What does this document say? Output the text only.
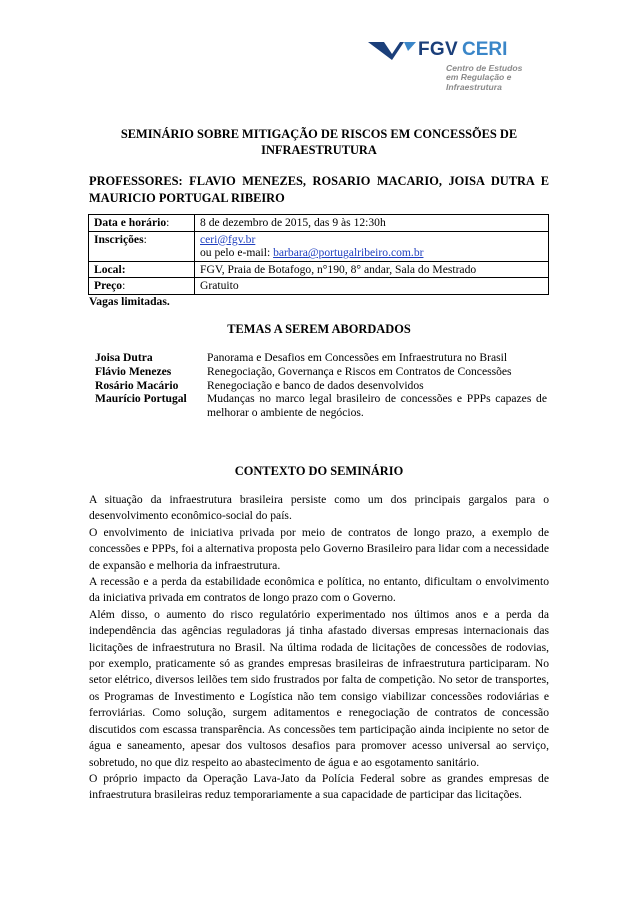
FGV CERI
Centro de Estudos
em Regulação e
Infraestrutura
SEMINÁRIO SOBRE MITIGAÇÃO DE RISCOS EM CONCESSÕES DE INFRAESTRUTURA
PROFESSORES: FLAVIO MENEZES, ROSARIO MACARIO, JOISA DUTRA E MAURICIO PORTUGAL RIBEIRO
Data e horário:	8 de dezembro de 2015, das 9 às 12:30h
Inscrições:	ceri@fgv.br
ou pelo e-mail: barbara@portugalribeiro.com.br
Local:	FGV, Praia de Botafogo, n°190, 8° andar, Sala do Mestrado
Preço:	Gratuito
Vagas limitadas.
TEMAS A SEREM ABORDADOS
Joisa Dutra	Panorama e Desafios em Concessões em Infraestrutura no Brasil
Flávio Menezes	Renegociação, Governança e Riscos em Contratos de Concessões
Rosário Macário	Renegociação e banco de dados desenvolvidos
Maurício Portugal	Mudanças no marco legal brasileiro de concessões e PPPs capazes de melhorar o ambiente de negócios.
CONTEXTO DO SEMINÁRIO

A situação da infraestrutura brasileira persiste como um dos principais gargalos para o desenvolvimento econômico-social do país.

O envolvimento de iniciativa privada por meio de contratos de longo prazo, a exemplo de concessões e PPPs, foi a alternativa proposta pelo Governo Brasileiro para lidar com a necessidade de expansão e melhoria da infraestrutura.

A recessão e a perda da estabilidade econômica e política, no entanto, dificultam o envolvimento da iniciativa privada em contratos de longo prazo com o Governo.

Além disso, o aumento do risco regulatório experimentado nos últimos anos e a perda da independência das agências reguladoras já tinha afastado diversas empresas internacionais das licitações de infraestrutura no Brasil. Na última rodada de licitações de concessões de rodovias, por exemplo, praticamente só as grandes empresas brasileiras de infraestrutura participaram. No setor elétrico, diversos leilões tem sido frustrados por falta de competição. No setor de transportes, os Programas de Investimento e Logística não tem consigo viabilizar concessões rodoviárias e ferroviárias. Como solução, surgem aditamentos e renegociação de contratos de concessão discutidos com escassa transparência. As concessões tem participação ainda incipiente no setor de água e saneamento, apesar dos vultosos desafios para promover acesso universal ao serviço, sobretudo, no que diz respeito ao abastecimento de água e ao esgotamento sanitário.

O próprio impacto da Operação Lava-Jato da Polícia Federal sobre as grandes empresas de infraestrutura brasileiras reduz temporariamente a sua capacidade de participar das licitações.
